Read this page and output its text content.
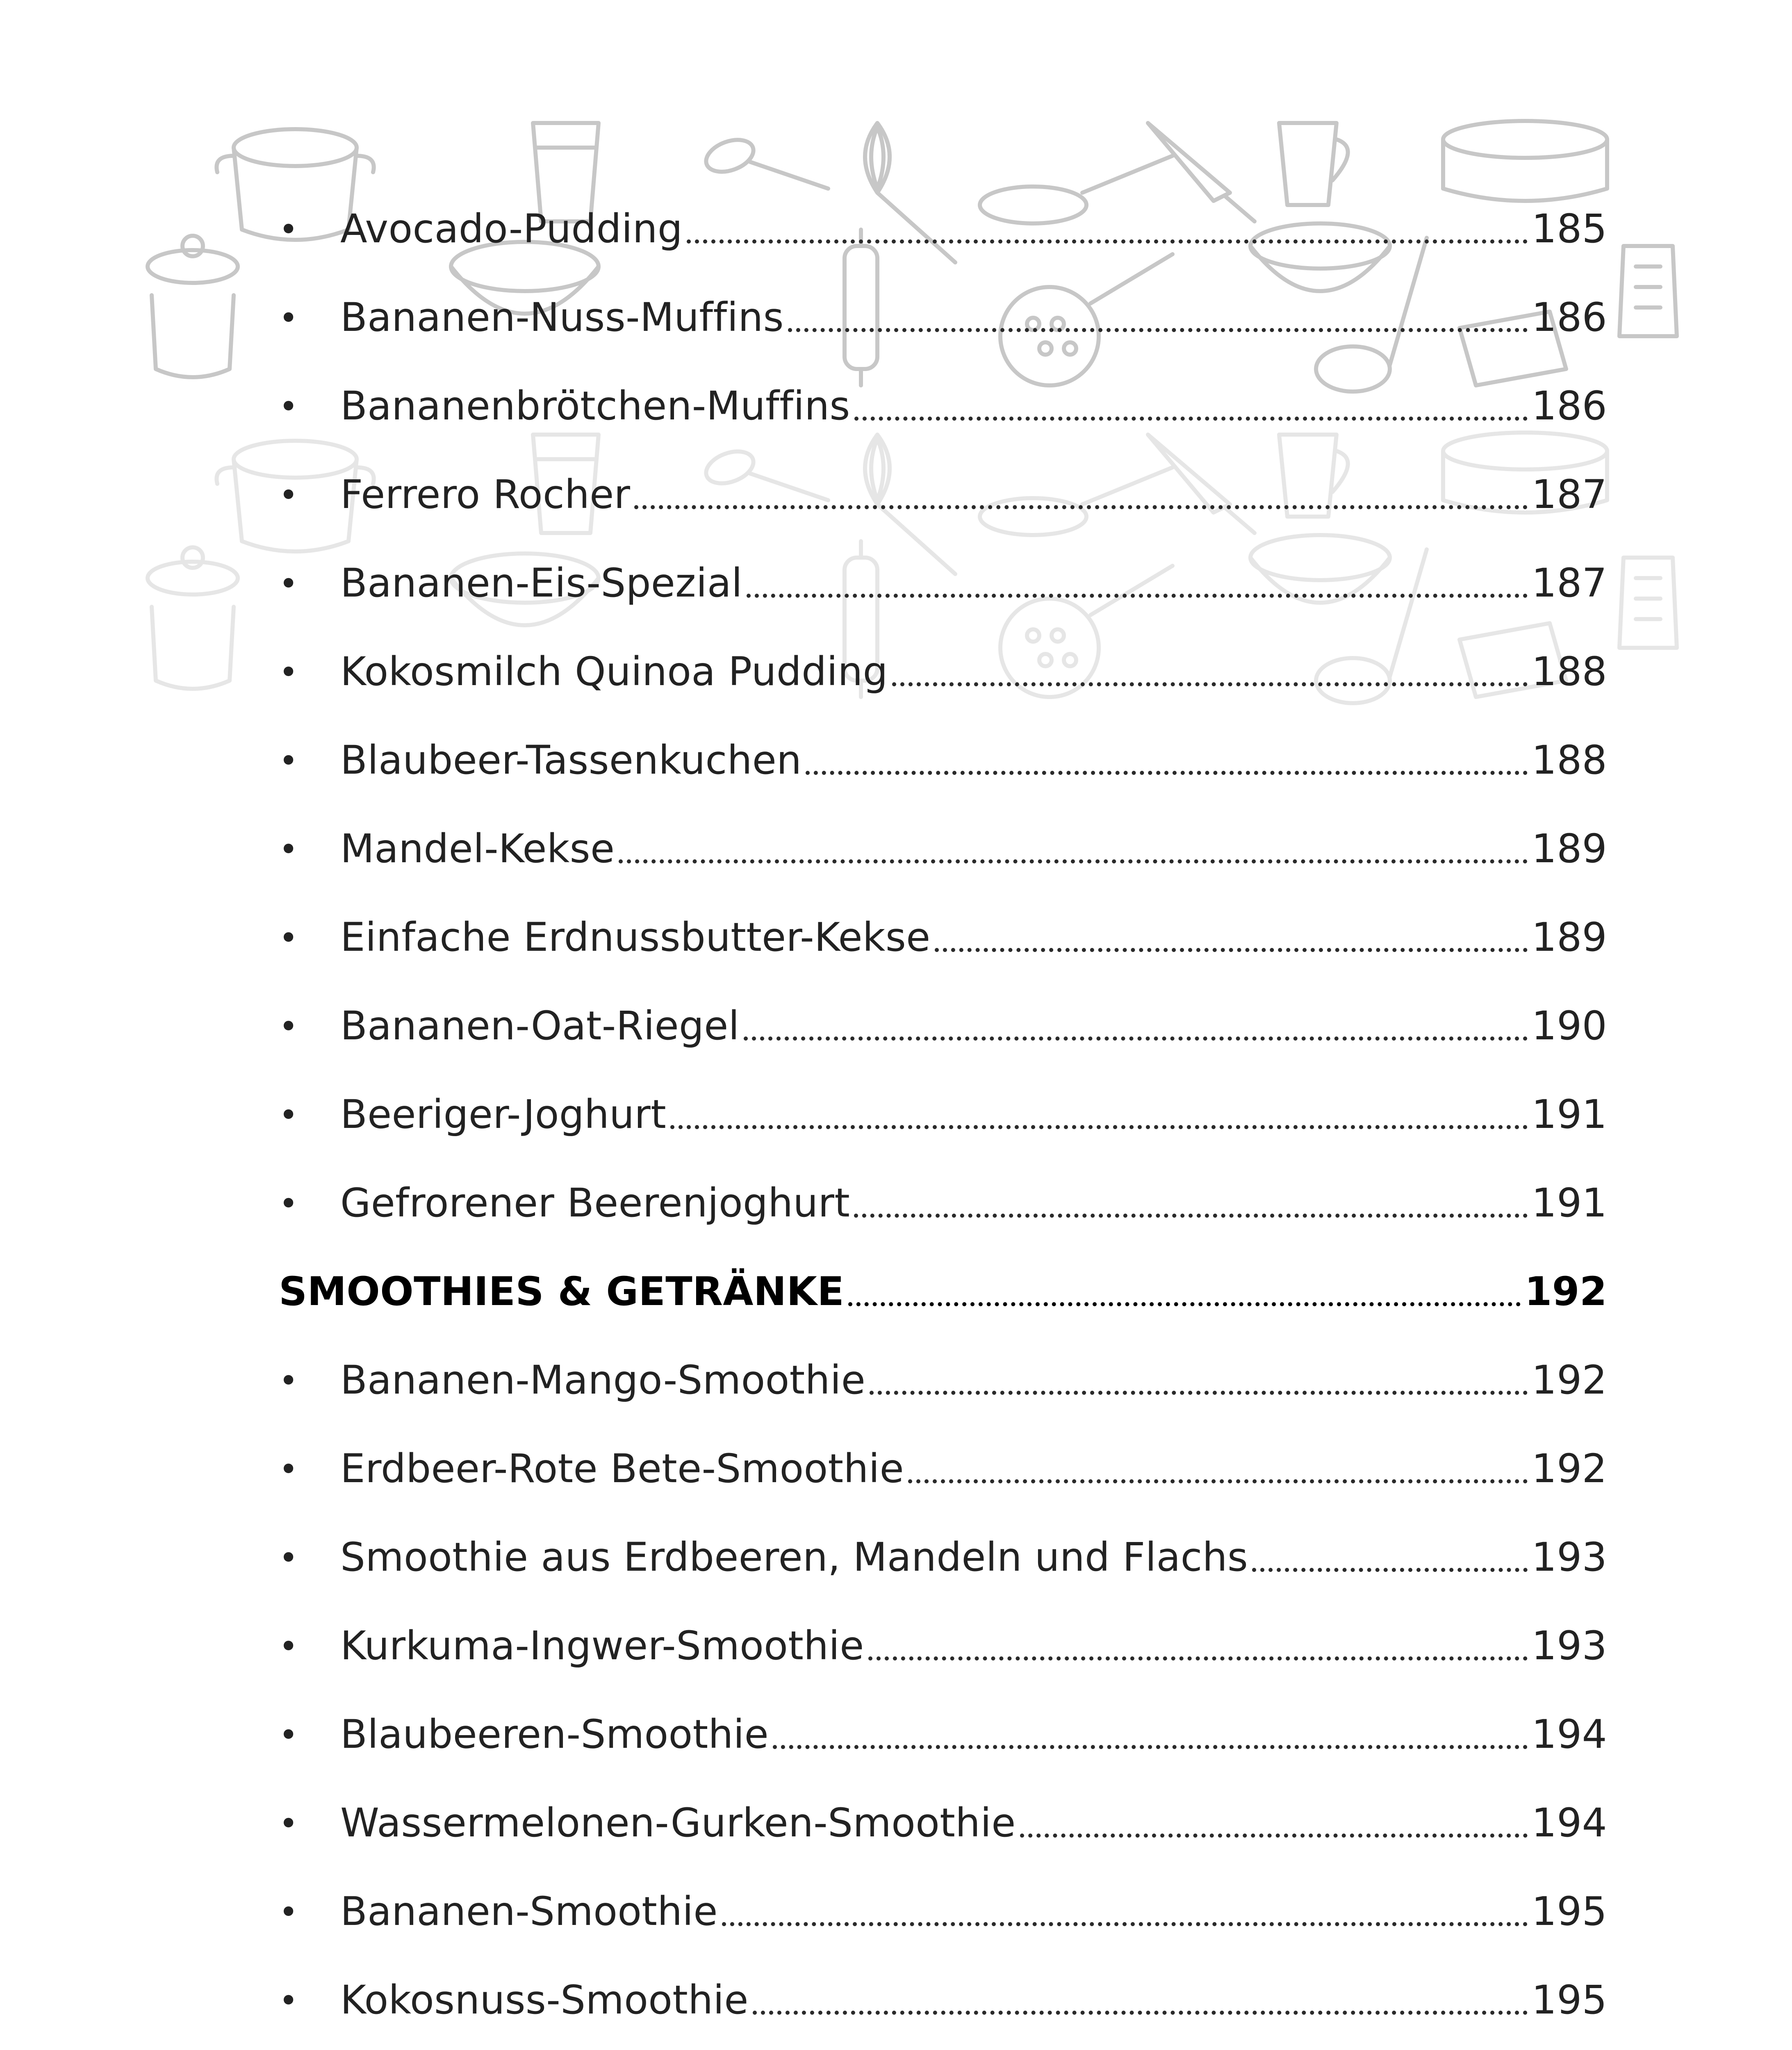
•	Avocado-Pudding	185
•	Bananen-Nuss-Muffins	186
•	Bananenbrötchen-Muffins	186
•	Ferrero Rocher	187
•	Bananen-Eis-Spezial	187
•	Kokosmilch Quinoa Pudding	188
•	Blaubeer-Tassenkuchen	188
•	Mandel-Kekse	189
•	Einfache Erdnussbutter-Kekse	189
•	Bananen-Oat-Riegel	190
•	Beeriger-Joghurt	191
•	Gefrorener Beerenjoghurt	191
SMOOTHIES & GETRÄNKE	192
•	Bananen-Mango-Smoothie	192
•	Erdbeer-Rote Bete-Smoothie	192
•	Smoothie aus Erdbeeren, Mandeln und Flachs	193
•	Kurkuma-Ingwer-Smoothie	193
•	Blaubeeren-Smoothie	194
•	Wassermelonen-Gurken-Smoothie	194
•	Bananen-Smoothie	195
•	Kokosnuss-Smoothie	195
